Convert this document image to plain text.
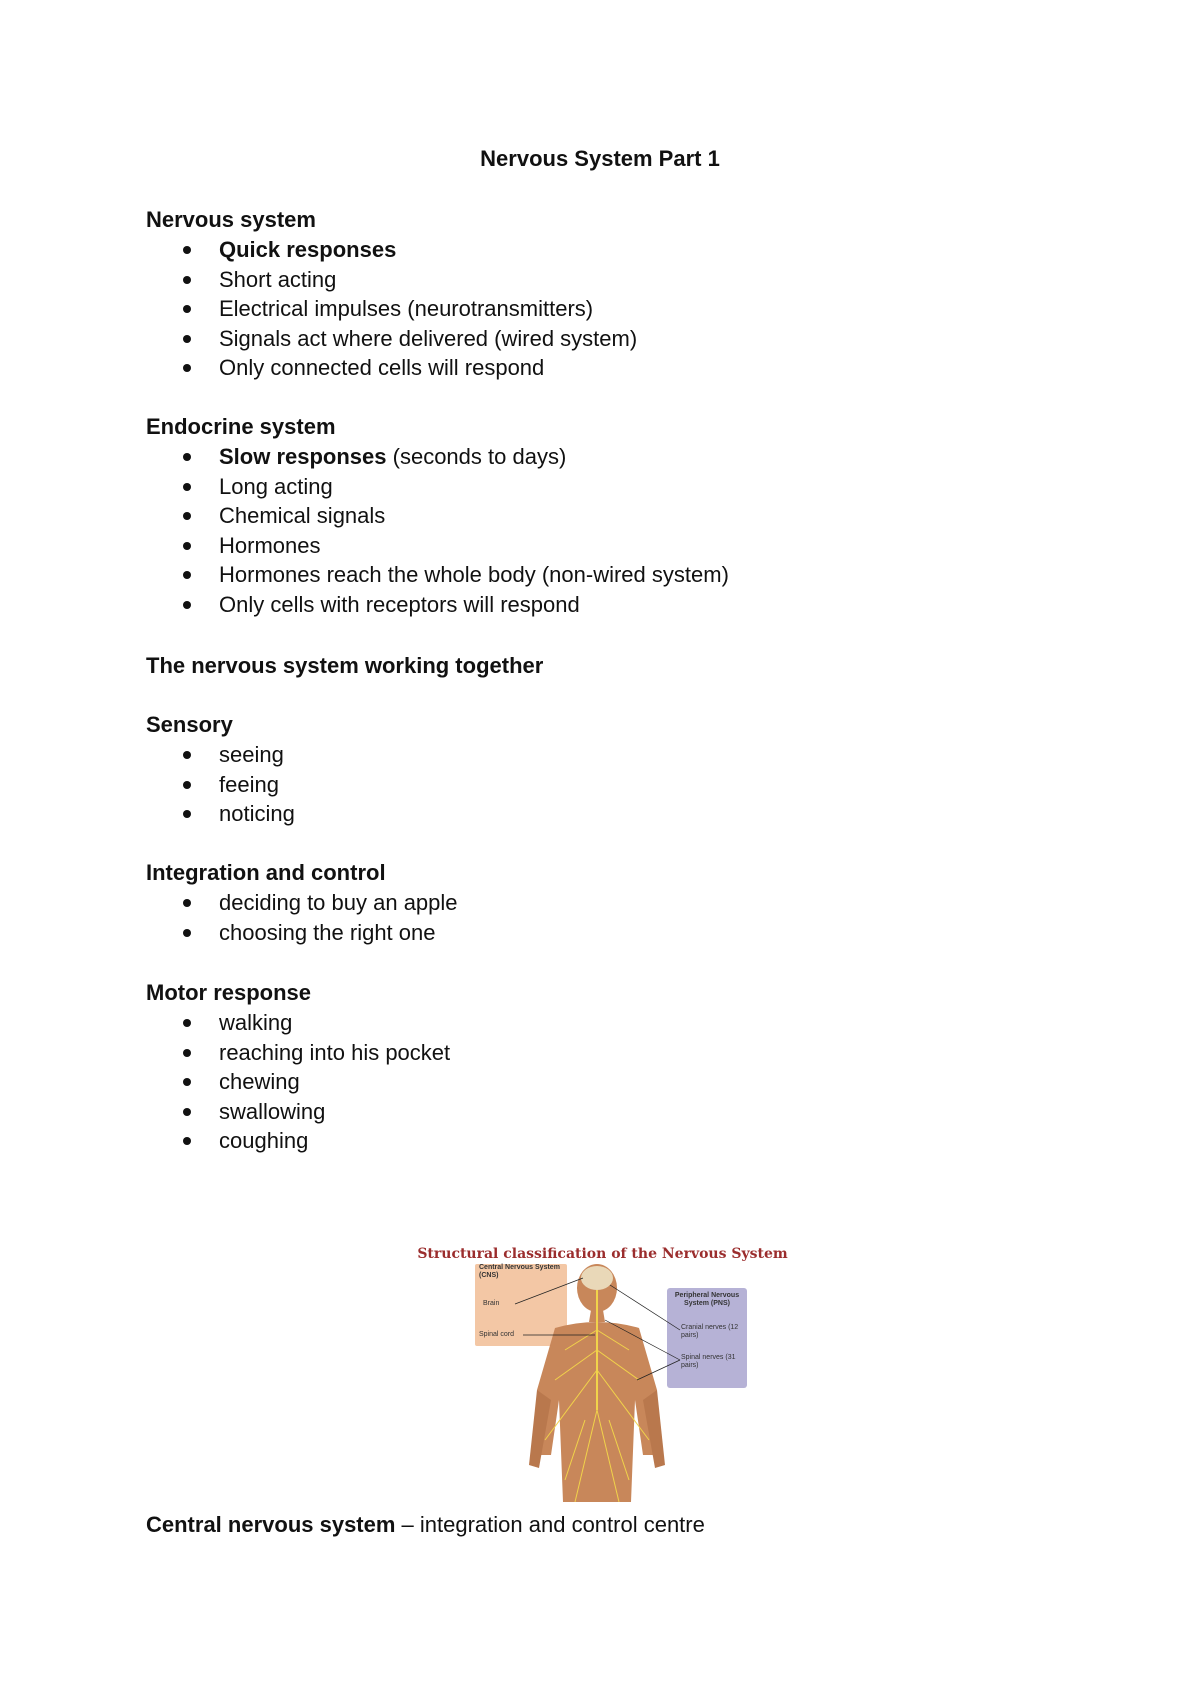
Nervous System Part 1
Nervous system
Quick responses
Short acting
Electrical impulses (neurotransmitters)
Signals act where delivered (wired system)
Only connected cells will respond
Endocrine system
Slow responses (seconds to days)
Long acting
Chemical signals
Hormones
Hormones reach the whole body (non-wired system)
Only cells with receptors will respond
The nervous system working together
Sensory
seeing
feeing
noticing
Integration and control
deciding to buy an apple
choosing the right one
Motor response
walking
reaching into his pocket
chewing
swallowing
coughing
Structural classification of the Nervous System
Central Nervous System (CNS)
Brain
Spinal cord
Peripheral Nervous System (PNS)
Cranial nerves (12 pairs)
Spinal nerves (31 pairs)
Central nervous system – integration and control centre
